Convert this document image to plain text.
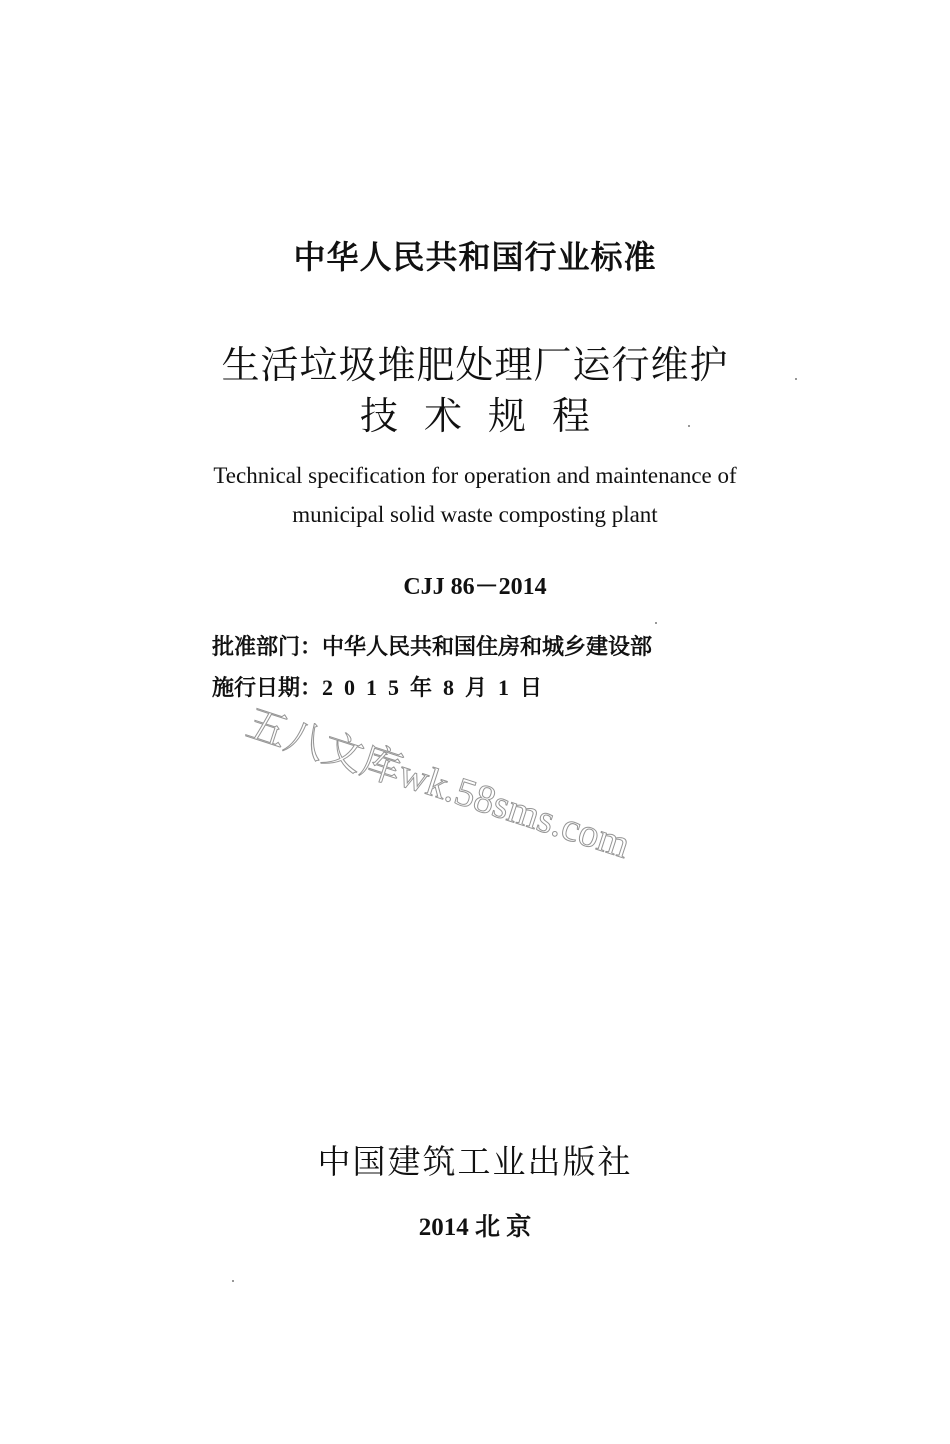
中华人民共和国行业标准
生活垃圾堆肥处理厂运行维护
技术规程
Technical specification for operation and maintenance of
municipal solid waste composting plant
CJJ 86－2014
批准部门：中华人民共和国住房和城乡建设部
施行日期：2015年8月1日
五八文库wk.58sms.com
中国建筑工业出版社
2014 北 京
